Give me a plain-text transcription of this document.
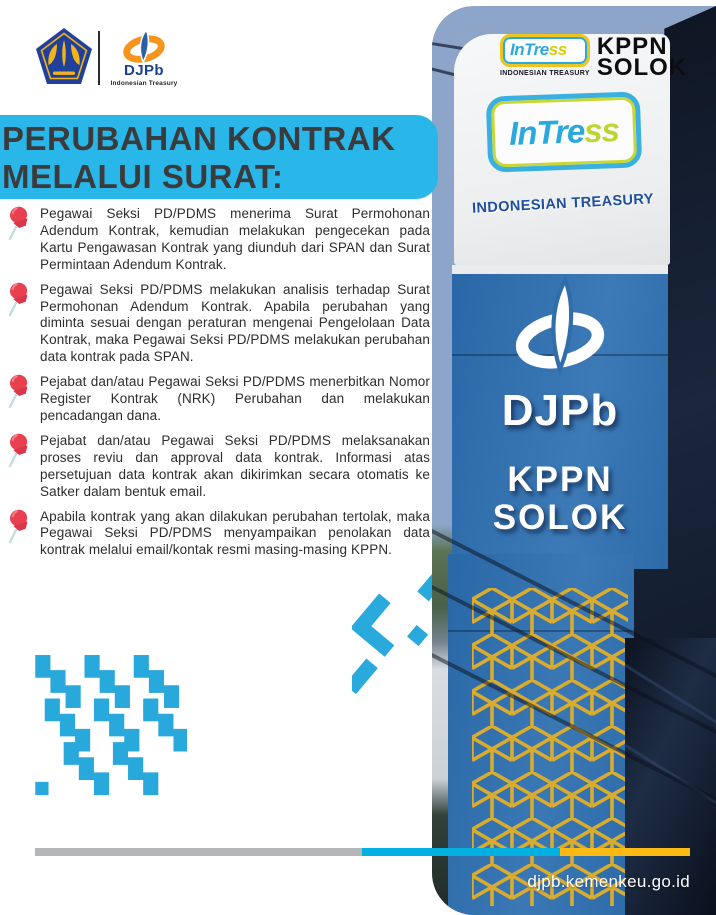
DJPb
Indonesian Treasury
PERUBAHAN KONTRAK
MELALUI SURAT:
Pegawai Seksi PD/PDMS menerima Surat Permohonan Adendum Kontrak, kemudian melakukan pengecekan pada Kartu Pengawasan Kontrak yang diunduh dari SPAN dan Surat Permintaan Adendum Kontrak.
Pegawai Seksi PD/PDMS melakukan analisis terhadap Surat Permohonan Adendum Kontrak. Apabila perubahan yang diminta sesuai dengan peraturan mengenai Pengelolaan Data Kontrak, maka Pegawai Seksi PD/PDMS melakukan perubahan data kontrak pada SPAN.
Pejabat dan/atau Pegawai Seksi PD/PDMS menerbitkan Nomor Register Kontrak (NRK) Perubahan dan melakukan pencadangan dana.
Pejabat dan/atau Pegawai Seksi PD/PDMS melaksanakan proses reviu dan approval data kontrak. Informasi atas persetujuan data kontrak akan dikirimkan secara otomatis ke Satker dalam bentuk email.
Apabila kontrak yang akan dilakukan perubahan tertolak, maka Pegawai Seksi PD/PDMS menyampaikan penolakan data kontrak melalui email/kontak resmi masing-masing KPPN.
InTress
INDONESIAN TREASURY
DJPb
KPPN
SOLOK
InTress
INDONESIAN TREASURY
KPPN
SOLOK
djpb.kemenkeu.go.id
